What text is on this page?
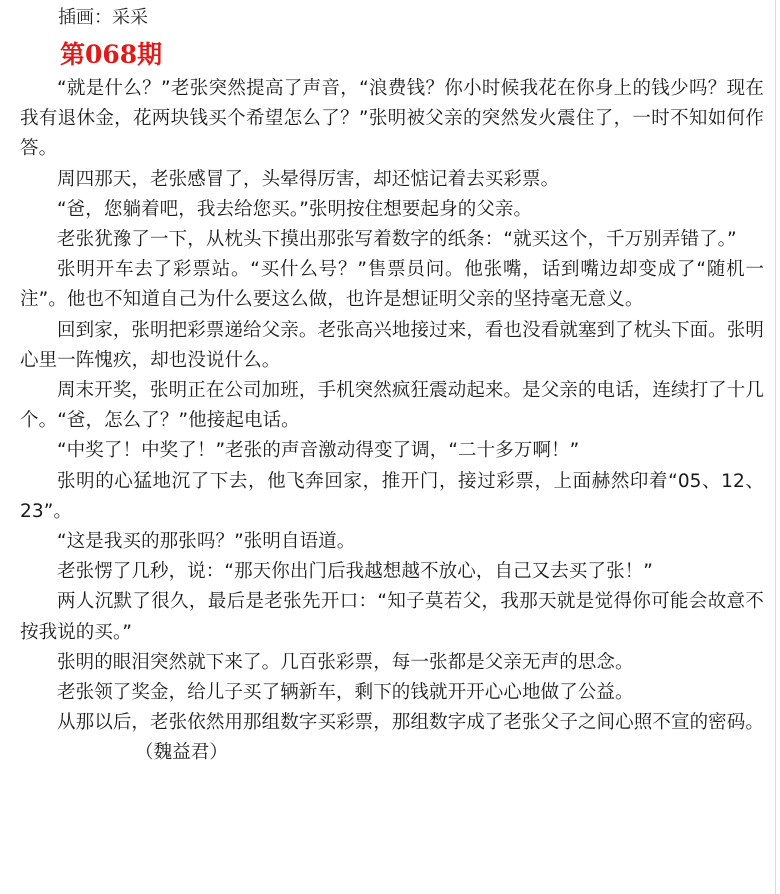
插画：采采
第068期

“就是什么？”老张突然提高了声音，“浪费钱？你小时候我花在你身上的钱少吗？现在我有退休金，花两块钱买个希望怎么了？”张明被父亲的突然发火震住了，一时不知如何作答。

周四那天，老张感冒了，头晕得厉害，却还惦记着去买彩票。

“爸，您躺着吧，我去给您买。”张明按住想要起身的父亲。

老张犹豫了一下，从枕头下摸出那张写着数字的纸条：“就买这个，千万别弄错了。”

张明开车去了彩票站。“买什么号？”售票员问。他张嘴，话到嘴边却变成了“随机一注”。他也不知道自己为什么要这么做，也许是想证明父亲的坚持毫无意义。

回到家，张明把彩票递给父亲。老张高兴地接过来，看也没看就塞到了枕头下面。张明心里一阵愧疚，却也没说什么。

周末开奖，张明正在公司加班，手机突然疯狂震动起来。是父亲的电话，连续打了十几个。“爸，怎么了？”他接起电话。

“中奖了！中奖了！”老张的声音激动得变了调，“二十多万啊！”

张明的心猛地沉了下去，他飞奔回家，推开门，接过彩票，上面赫然印着“05、12、23”。

“这是我买的那张吗？”张明自语道。

老张愣了几秒，说：“那天你出门后我越想越不放心，自己又去买了张！”

两人沉默了很久，最后是老张先开口：“知子莫若父，我那天就是觉得你可能会故意不按我说的买。”

张明的眼泪突然就下来了。几百张彩票，每一张都是父亲无声的思念。

老张领了奖金，给儿子买了辆新车，剩下的钱就开开心心地做了公益。

从那以后，老张依然用那组数字买彩票，那组数字成了老张父子之间心照不宣的密码。（魏益君）
